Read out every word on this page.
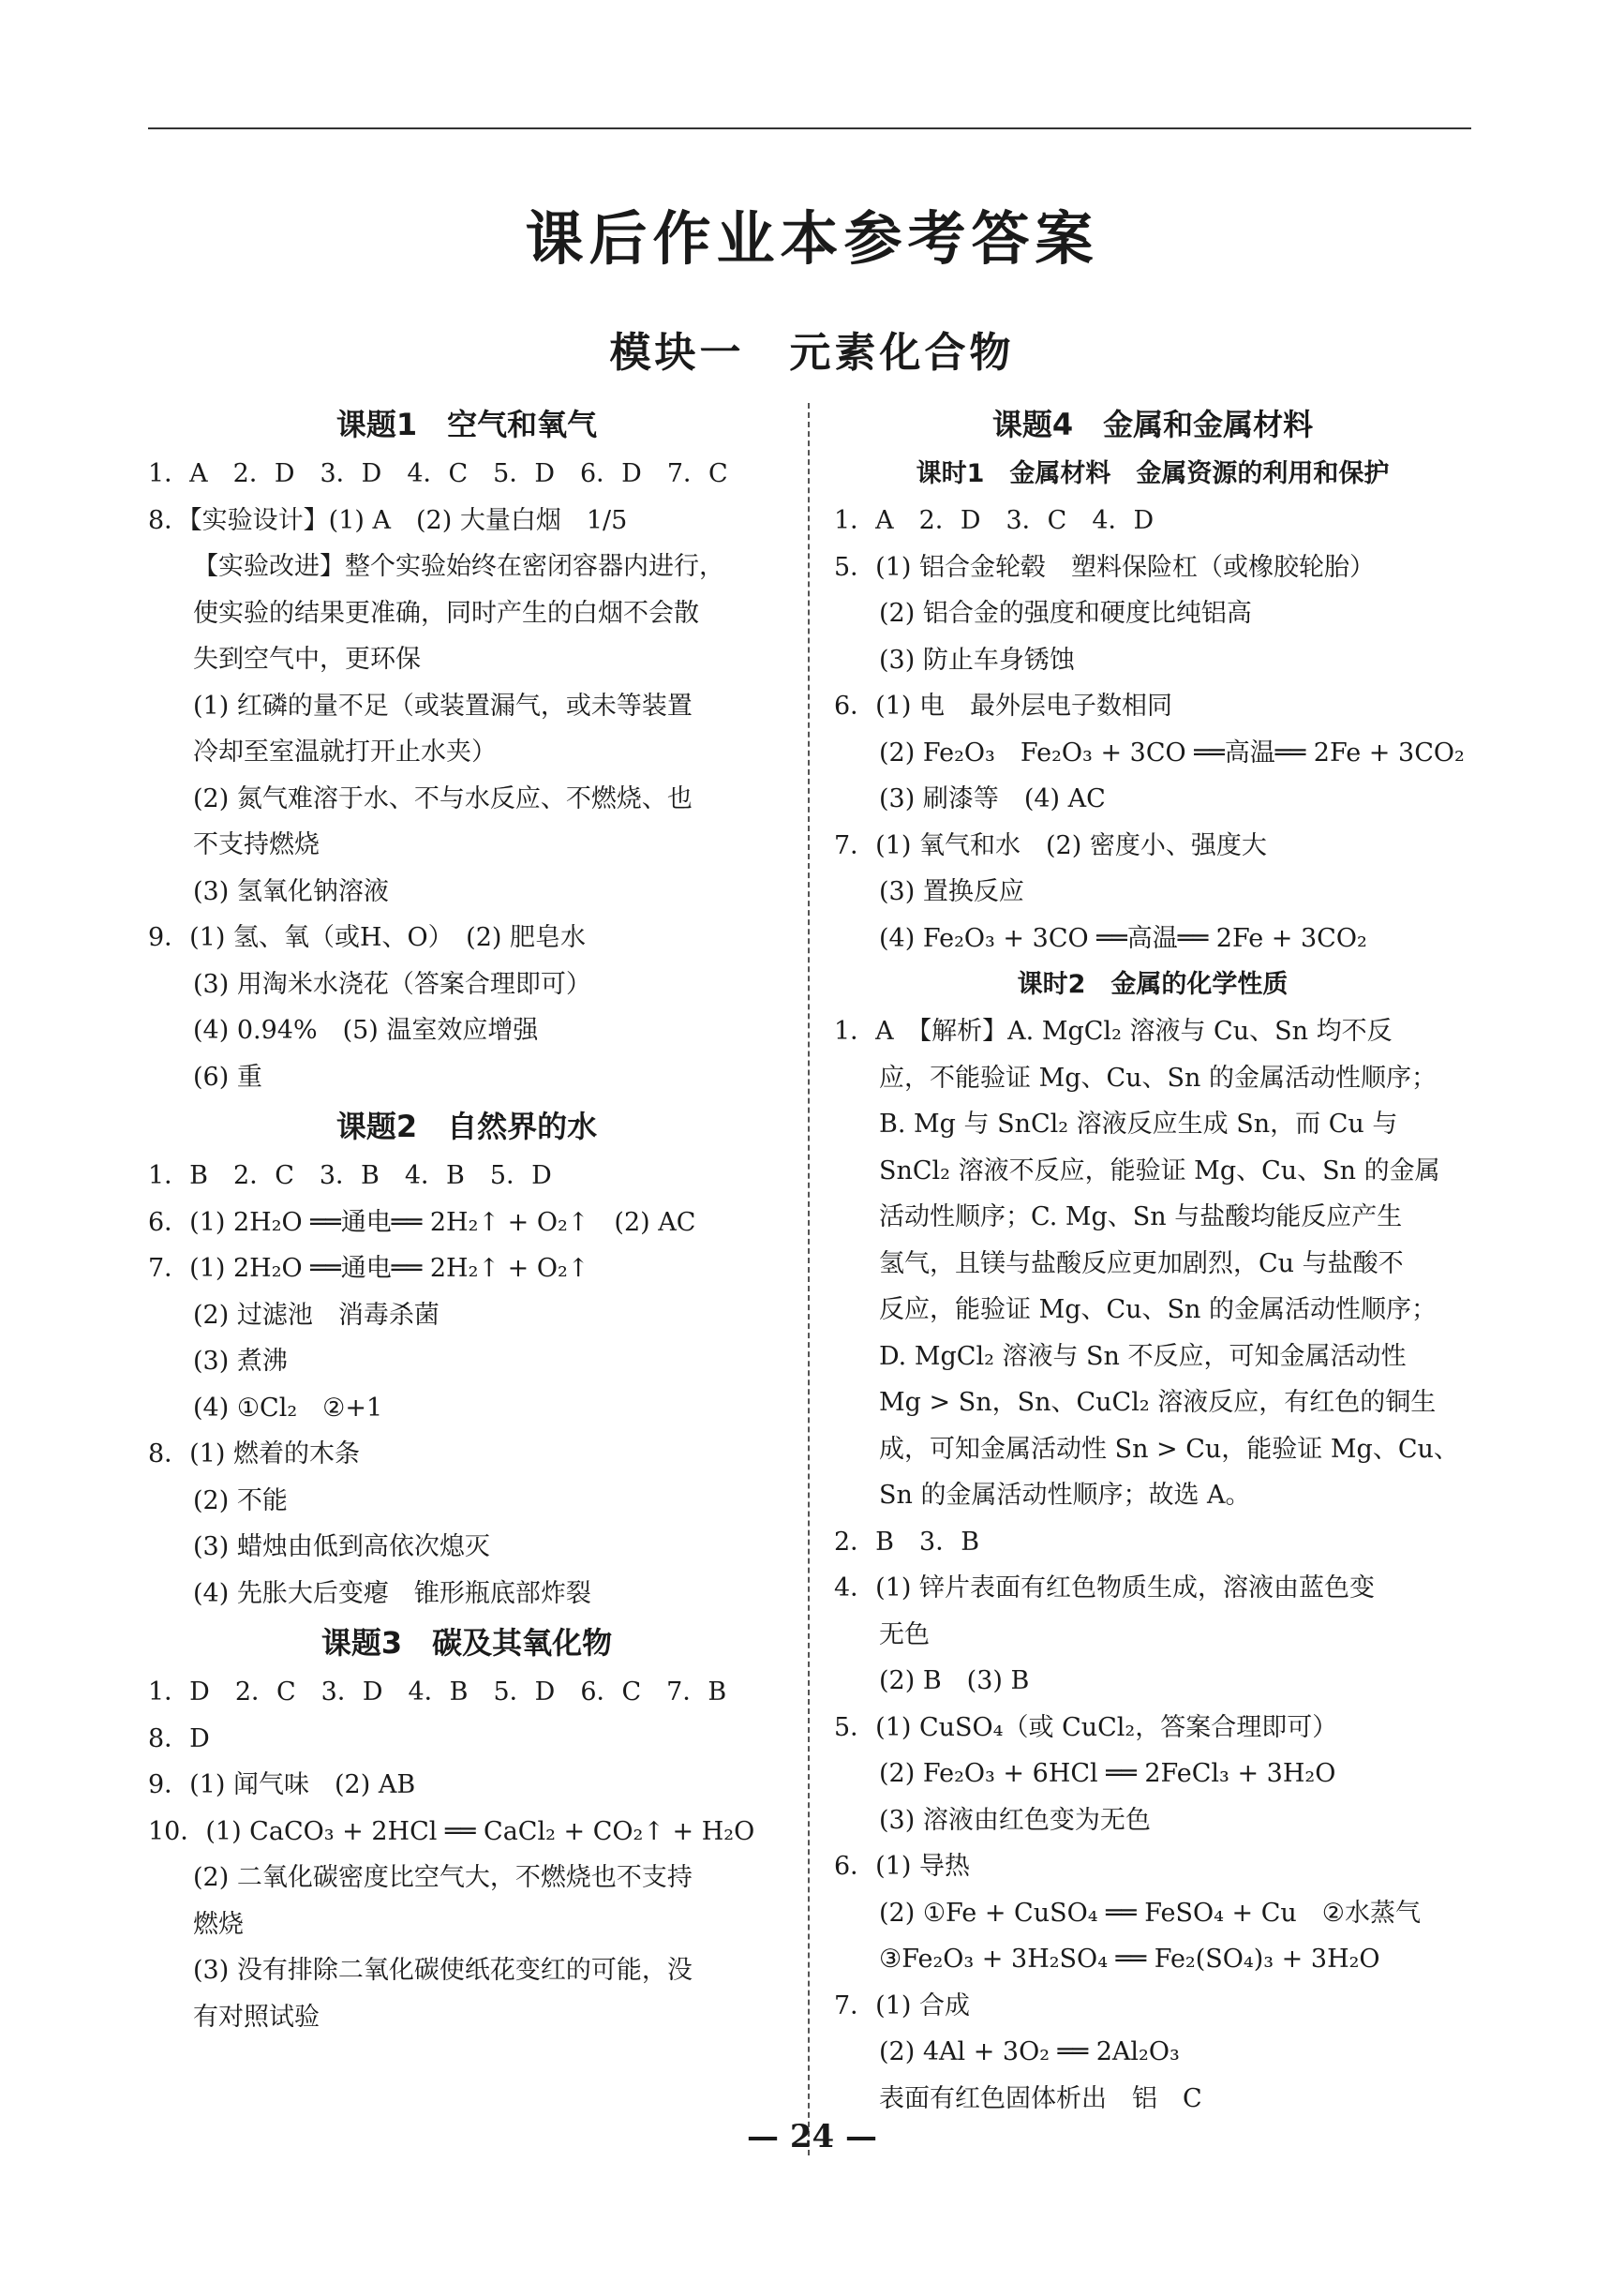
课后作业本参考答案
模块一　元素化合物
课题1　空气和氧气
1．A　2．D　3．D　4．C　5．D　6．D　7．C
8．【实验设计】(1) A　(2) 大量白烟　1/5
【实验改进】整个实验始终在密闭容器内进行，
使实验的结果更准确，同时产生的白烟不会散
失到空气中，更环保
(1) 红磷的量不足（或装置漏气，或未等装置
冷却至室温就打开止水夹）
(2) 氮气难溶于水、不与水反应、不燃烧、也
不支持燃烧
(3) 氢氧化钠溶液
9．(1) 氢、氧（或H、O）　(2) 肥皂水
(3) 用淘米水浇花（答案合理即可）
(4) 0.94%　(5) 温室效应增强
(6) 重
课题2　自然界的水
1．B　2．C　3．B　4．B　5．D
6．(1) 2H₂O ══通电══ 2H₂↑ + O₂↑　(2) AC
7．(1) 2H₂O ══通电══ 2H₂↑ + O₂↑
(2) 过滤池　消毒杀菌
(3) 煮沸
(4) ①Cl₂　②+1
8．(1) 燃着的木条
(2) 不能
(3) 蜡烛由低到高依次熄灭
(4) 先胀大后变瘪　锥形瓶底部炸裂
课题3　碳及其氧化物
1．D　2．C　3．D　4．B　5．D　6．C　7．B
8．D
9．(1) 闻气味　(2) AB
10．(1) CaCO₃ + 2HCl ══ CaCl₂ + CO₂↑ + H₂O
(2) 二氧化碳密度比空气大，不燃烧也不支持
燃烧
(3) 没有排除二氧化碳使纸花变红的可能，没
有对照试验
课题4　金属和金属材料
课时1　金属材料　金属资源的利用和保护
1．A　2．D　3．C　4．D
5．(1) 铝合金轮毂　塑料保险杠（或橡胶轮胎）
(2) 铝合金的强度和硬度比纯铝高
(3) 防止车身锈蚀
6．(1) 电　最外层电子数相同
(2) Fe₂O₃　Fe₂O₃ + 3CO ══高温══ 2Fe + 3CO₂
(3) 刷漆等　(4) AC
7．(1) 氧气和水　(2) 密度小、强度大
(3) 置换反应
(4) Fe₂O₃ + 3CO ══高温══ 2Fe + 3CO₂
课时2　金属的化学性质
1．A　【解析】A. MgCl₂ 溶液与 Cu、Sn 均不反
应，不能验证 Mg、Cu、Sn 的金属活动性顺序；
B. Mg 与 SnCl₂ 溶液反应生成 Sn，而 Cu 与
SnCl₂ 溶液不反应，能验证 Mg、Cu、Sn 的金属
活动性顺序；C. Mg、Sn 与盐酸均能反应产生
氢气，且镁与盐酸反应更加剧烈，Cu 与盐酸不
反应，能验证 Mg、Cu、Sn 的金属活动性顺序；
D. MgCl₂ 溶液与 Sn 不反应，可知金属活动性
Mg > Sn，Sn、CuCl₂ 溶液反应，有红色的铜生
成，可知金属活动性 Sn > Cu，能验证 Mg、Cu、
Sn 的金属活动性顺序；故选 A。
2．B　3．B
4．(1) 锌片表面有红色物质生成，溶液由蓝色变
无色
(2) B　(3) B
5．(1) CuSO₄（或 CuCl₂，答案合理即可）
(2) Fe₂O₃ + 6HCl ══ 2FeCl₃ + 3H₂O
(3) 溶液由红色变为无色
6．(1) 导热
(2) ①Fe + CuSO₄ ══ FeSO₄ + Cu　②水蒸气
③Fe₂O₃ + 3H₂SO₄ ══ Fe₂(SO₄)₃ + 3H₂O
7．(1) 合成
(2) 4Al + 3O₂ ══ 2Al₂O₃
表面有红色固体析出　铝　C
— 24 —
